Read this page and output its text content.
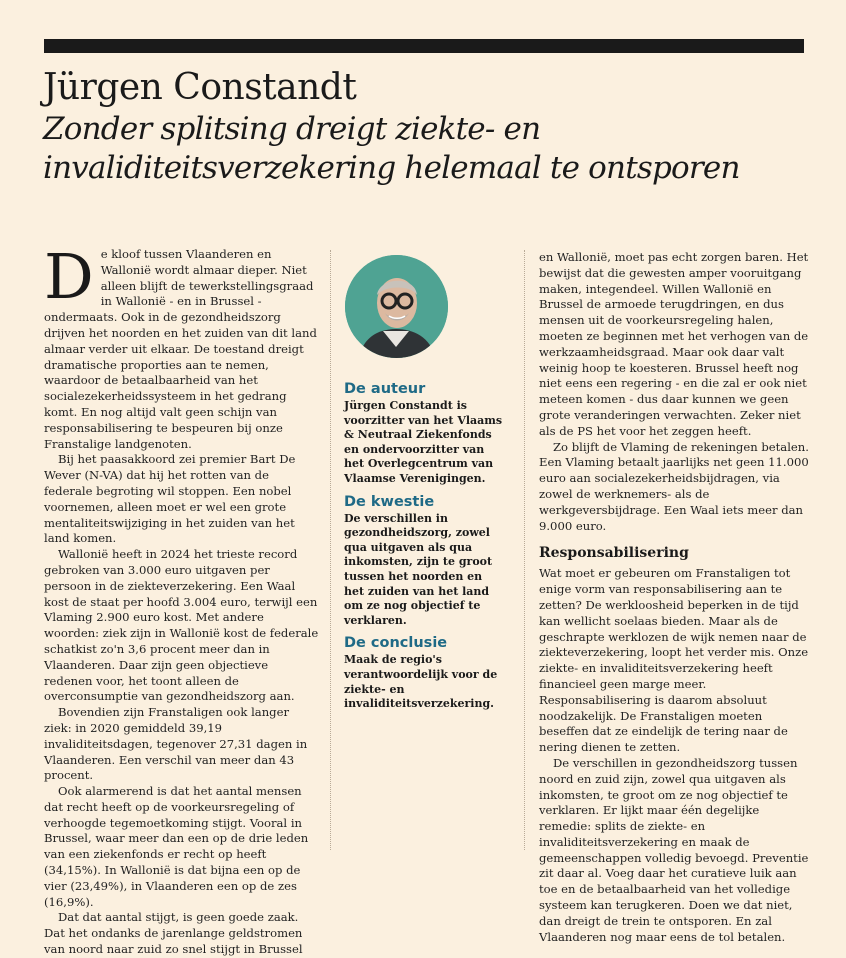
Jürgen Constandt
Zonder splitsing dreigt ziekte- en
invaliditeitsverzekering helemaal te ontsporen

De kloof tussen Vlaanderen en Wallonië wordt almaar dieper. Niet alleen blijft de tewerkstellingsgraad in Wallonië - en in Brussel - ondermaats. Ook in de gezondheidszorg drijven het noorden en het zuiden van dit land almaar verder uit elkaar. De toestand dreigt dramatische proporties aan te nemen, waardoor de betaalbaarheid van het socialezekerheidssysteem in het gedrang komt. En nog altijd valt geen schijn van responsabilisering te bespeuren bij onze Franstalige landgenoten.

Bij het paasakkoord zei premier Bart De Wever (N-VA) dat hij het rotten van de federale begroting wil stoppen. Een nobel voornemen, alleen moet er wel een grote mentaliteitswijziging in het zuiden van het land komen.

Wallonië heeft in 2024 het trieste record gebroken van 3.000 euro uitgaven per persoon in de ziekteverzekering. Een Waal kost de staat per hoofd 3.004 euro, terwijl een Vlaming 2.900 euro kost. Met andere woorden: ziek zijn in Wallonië kost de federale schatkist zo'n 3,6 procent meer dan in Vlaanderen. Daar zijn geen objectieve redenen voor, het toont alleen de overconsumptie van gezondheidszorg aan.

Bovendien zijn Franstaligen ook langer ziek: in 2020 gemiddeld 39,19 invaliditeitsdagen, tegenover 27,31 dagen in Vlaanderen. Een verschil van meer dan 43 procent.

Ook alarmerend is dat het aantal mensen dat recht heeft op de voorkeursregeling of verhoogde tegemoetkoming stijgt. Vooral in Brussel, waar meer dan een op de drie leden van een ziekenfonds er recht op heeft (34,15%). In Wallonië is dat bijna een op de vier (23,49%), in Vlaanderen een op de zes (16,9%).

Dat dat aantal stijgt, is geen goede zaak. Dat het ondanks de jarenlange geldstromen van noord naar zuid zo snel stijgt in Brussel

De auteur

Jürgen Constandt is voorzitter van het Vlaams & Neutraal Ziekenfonds en ondervoorzitter van het Overlegcentrum van Vlaamse Verenigingen.

De kwestie

De verschillen in gezondheidszorg, zowel qua uitgaven als qua inkomsten, zijn te groot tussen het noorden en het zuiden van het land om ze nog objectief te verklaren.

De conclusie

Maak de regio's verantwoordelijk voor de ziekte- en invaliditeitsverzekering.

en Wallonië, moet pas echt zorgen baren. Het bewijst dat die gewesten amper vooruitgang maken, integendeel. Willen Wallonië en Brussel de armoede terugdringen, en dus mensen uit de voorkeursregeling halen, moeten ze beginnen met het verhogen van de werkzaamheidsgraad. Maar ook daar valt weinig hoop te koesteren. Brussel heeft nog niet eens een regering - en die zal er ook niet meteen komen - dus daar kunnen we geen grote veranderingen verwachten. Zeker niet als de PS het voor het zeggen heeft.

Zo blijft de Vlaming de rekeningen betalen. Een Vlaming betaalt jaarlijks net geen 11.000 euro aan socialezekerheidsbijdragen, via zowel de werknemers- als de werkgeversbijdrage. Een Waal iets meer dan 9.000 euro.

Responsabilisering

Wat moet er gebeuren om Franstaligen tot enige vorm van responsabilisering aan te zetten? De werkloosheid beperken in de tijd kan wellicht soelaas bieden. Maar als de geschrapte werklozen de wijk nemen naar de ziekteverzekering, loopt het verder mis. Onze ziekte- en invaliditeitsverzekering heeft financieel geen marge meer. Responsabilisering is daarom absoluut noodzakelijk. De Franstaligen moeten beseffen dat ze eindelijk de tering naar de nering dienen te zetten.

De verschillen in gezondheidszorg tussen noord en zuid zijn, zowel qua uitgaven als inkomsten, te groot om ze nog objectief te verklaren. Er lijkt maar één degelijke remedie: splits de ziekte- en invaliditeitsverzekering en maak de gemeenschappen volledig bevoegd. Preventie zit daar al. Voeg daar het curatieve luik aan toe en de betaalbaarheid van het volledige systeem kan terugkeren. Doen we dat niet, dan dreigt de trein te ontsporen. En zal Vlaanderen nog maar eens de tol betalen.
